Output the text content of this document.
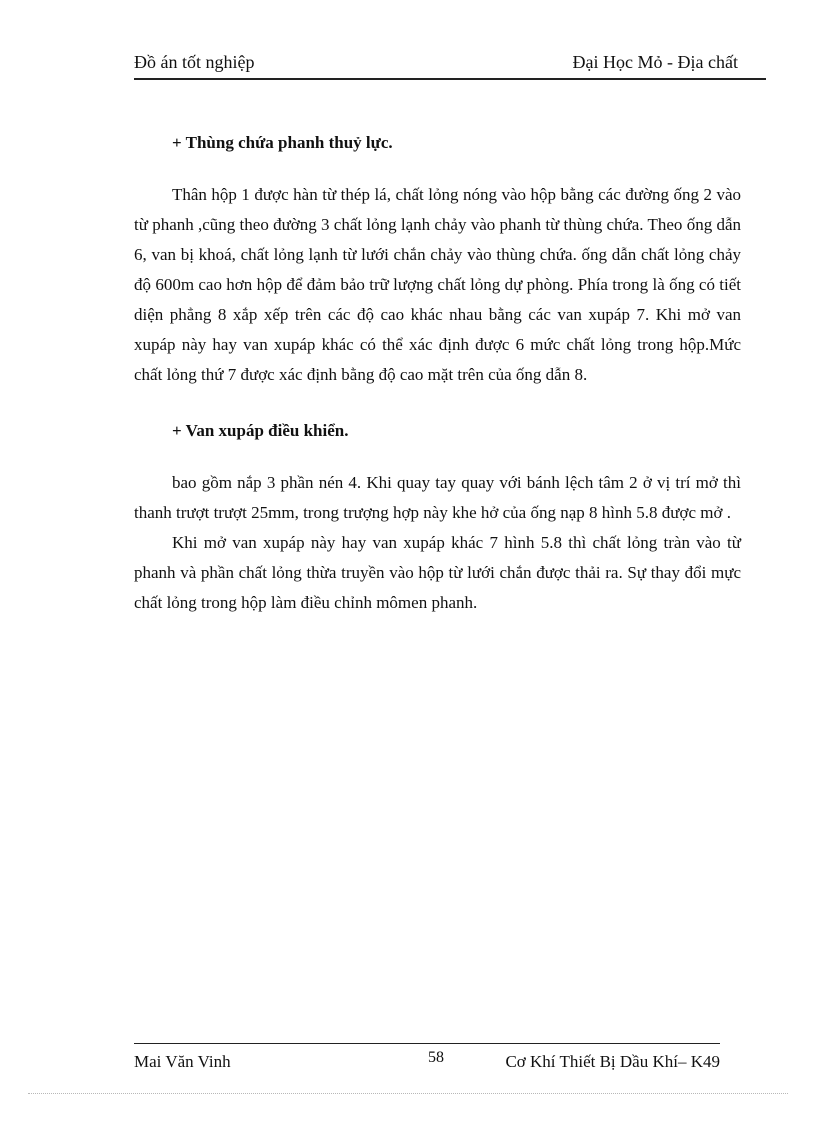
Đồ án tốt nghiệp	Đại Học Mỏ - Địa chất

+ Thùng chứa phanh thuỷ lực.

Thân hộp 1 được hàn từ thép lá, chất lỏng nóng vào hộp bằng các đường ống 2 vào từ phanh ,cũng theo đường 3 chất lỏng lạnh chảy vào phanh từ thùng chứa. Theo ống dẫn 6, van bị khoá, chất lỏng lạnh từ lưới chắn chảy vào thùng chứa. ống dẫn chất lỏng chảy độ 600m cao hơn hộp để đảm bảo trữ lượng chất lỏng dự phòng. Phía trong là ống có tiết diện phẳng 8 xắp xếp trên các độ cao khác nhau bằng các van xupáp 7. Khi mở van xupáp này hay van xupáp khác có thể xác định được 6 mức chất lỏng trong hộp.Mức chất lỏng thứ 7 được xác định bằng độ cao mặt trên của ống dẫn 8.

+ Van xupáp điều khiển.

bao gồm nắp 3 phần nén 4. Khi quay tay quay với bánh lệch tâm 2 ở vị trí mở thì thanh trượt trượt 25mm, trong trượng hợp này khe hở của ống nạp 8 hình 5.8 được mở .

Khi mở van xupáp này hay van xupáp khác 7 hình 5.8 thì chất lỏng tràn vào từ phanh và phần chất lỏng thừa truyền vào hộp từ lưới chắn được thải ra. Sự thay đổi mực chất lỏng trong hộp làm điều chỉnh mômen phanh.

Mai Văn Vinh	58	Cơ Khí Thiết Bị Dầu Khí– K49
